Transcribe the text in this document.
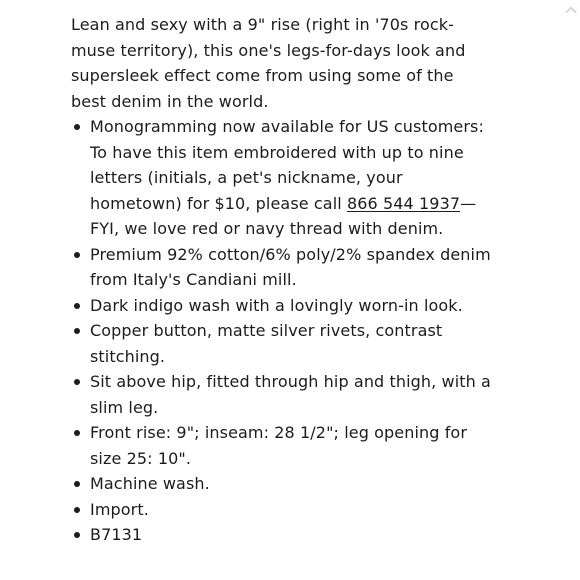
Lean and sexy with a 9" rise (right in '70s rock-muse territory), this one's legs-for-days look and supersleek effect come from using some of the best denim in the world.

Monogramming now available for US customers: To have this item embroidered with up to nine letters (initials, a pet's nickname, your hometown) for $10, please call 866 544 1937—FYI, we love red or navy thread with denim.
Premium 92% cotton/6% poly/2% spandex denim from Italy's Candiani mill.
Dark indigo wash with a lovingly worn-in look.
Copper button, matte silver rivets, contrast stitching.
Sit above hip, fitted through hip and thigh, with a slim leg.
Front rise: 9"; inseam: 28 1/2"; leg opening for size 25: 10".
Machine wash.
Import.
B7131
